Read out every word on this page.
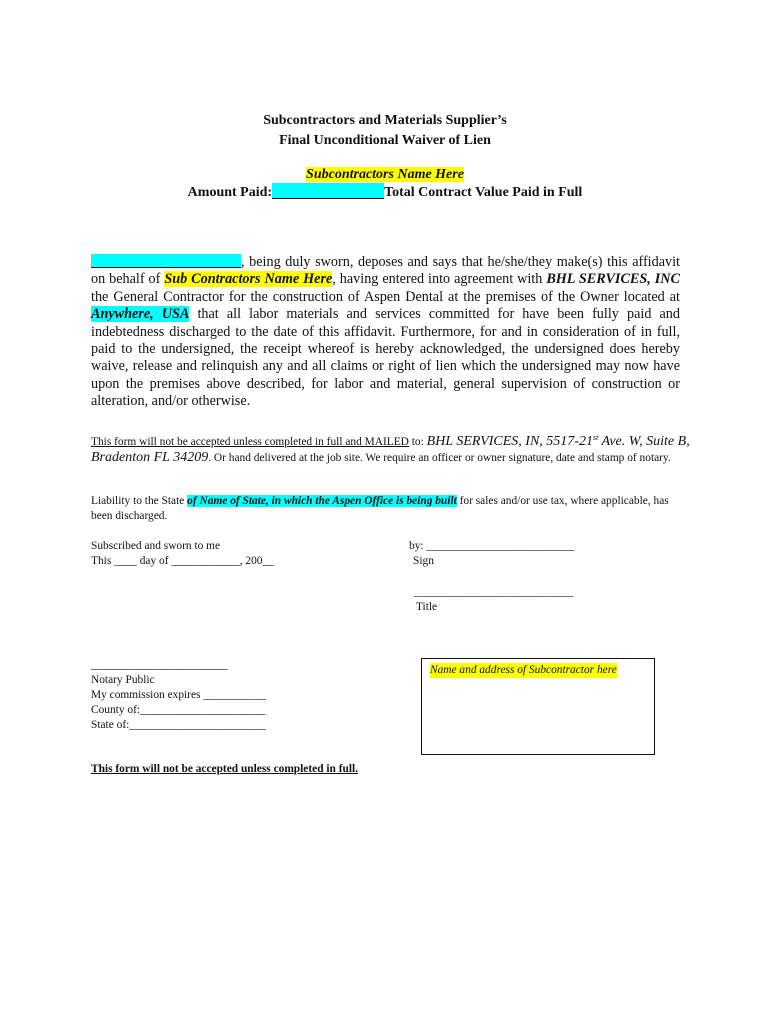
Subcontractors and Materials Supplier’s
Final Unconditional Waiver of Lien
Subcontractors Name Here
Amount Paid:	Total Contract Value Paid in Full
, being duly sworn, deposes and says that he/she/they make(s) this affidavit on behalf of Sub Contractors Name Here, having entered into agreement with BHL SERVICES, INC the General Contractor for the construction of Aspen Dental at the premises of the Owner located at Anywhere, USA that all labor materials and services committed for have been fully paid and indebtedness discharged to the date of this affidavit. Furthermore, for and in consideration of in full, paid to the undersigned, the receipt whereof is hereby acknowledged, the undersigned does hereby waive, release and relinquish any and all claims or right of lien which the undersigned may now have upon the premises above described, for labor and material, general supervision of construction or alteration, and/or otherwise.
This form will not be accepted unless completed in full and MAILED to: BHL SERVICES, IN, 5517-21st Ave. W, Suite B, Bradenton FL 34209. Or hand delivered at the job site. We require an officer or owner signature, date and stamp of notary.
Liability to the State of Name of State, in which the Aspen Office is being built for sales and/or use tax, where applicable, has been discharged.
Subscribed and sworn to me
This ____ day of ____________, 200__
by: __________________________
Sign
____________________________
Title
________________________
Notary Public
My commission expires ___________
County of:______________________
State of:________________________
Name and address of Subcontractor here
This form will not be accepted unless completed in full.
